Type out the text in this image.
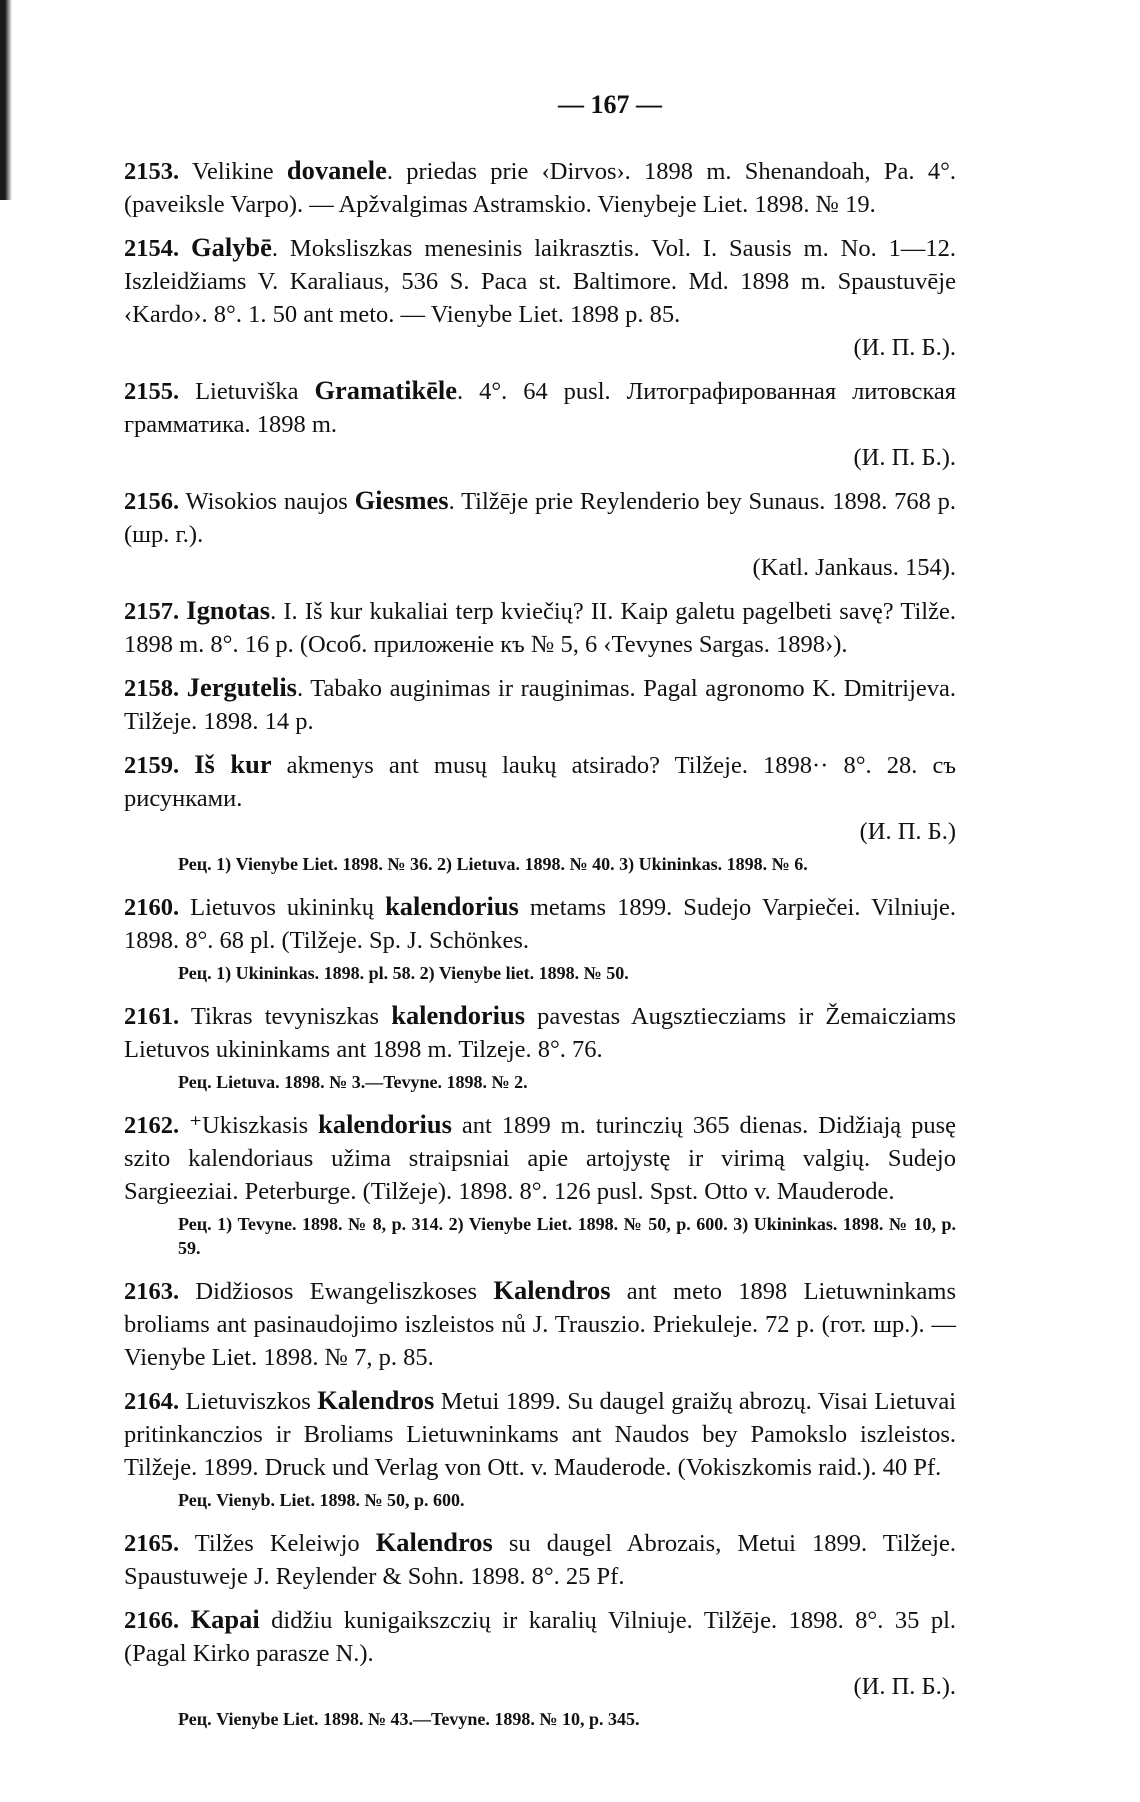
— 167 —

2153. Velikine dovanele. priedas prie ‹Dirvos›. 1898 m. Shenandoah, Pa. 4°. (paveiksle Varpo). — Apžvalgimas Astramskio. Vienybeje Liet. 1898. № 19.

2154. Galybē. Moksliszkas menesinis laikrasztis. Vol. I. Sausis m. No. 1—12. Iszleidžiams V. Karaliaus, 536 S. Paca st. Baltimore. Md. 1898 m. Spaustuvēje ‹Kardo›. 8°. 1. 50 ant meto. — Vienybe Liet. 1898 p. 85.
(И. П. Б.).

2155. Lietuviška Gramatikēle. 4°. 64 pusl. Литографированная литовская грамматика. 1898 m.
(И. П. Б.).

2156. Wisokios naujos Giesmes. Tilžēje prie Reylenderio bey Sunaus. 1898. 768 p. (шр. г.).
(Katl. Jankaus. 154).

2157. Ignotas. I. Iš kur kukaliai terp kviečių? II. Kaip galetu pagelbeti savę? Tilže. 1898 m. 8°. 16 p. (Особ. приложеніе къ № 5, 6 ‹Tevynes Sargas. 1898›).

2158. Jergutelis. Tabako auginimas ir rauginimas. Pagal agronomo K. Dmitrijeva. Tilžeje. 1898. 14 p.

2159. Iš kur akmenys ant musų laukų atsirado? Tilžeje. 1898·· 8°. 28. съ рисунками.
(И. П. Б.)

Рец. 1) Vienybe Liet. 1898. № 36. 2) Lietuva. 1898. № 40. 3) Ukininkas. 1898. № 6.

2160. Lietuvos ukininkų kalendorius metams 1899. Sudejo Varpiečei. Vilniuje. 1898. 8°. 68 pl. (Tilžeje. Sp. J. Schönkes.

Рец. 1) Ukininkas. 1898. pl. 58. 2) Vienybe liet. 1898. № 50.

2161. Tikras tevyniszkas kalendorius pavestas Augsztiecziams ir Žemaicziams Lietuvos ukininkams ant 1898 m. Tilzeje. 8°. 76.

Рец. Lietuva. 1898. № 3.—Tevyne. 1898. № 2.

2162. ⁺Ukiszkasis kalendorius ant 1899 m. turinczių 365 dienas. Didžiają pusę szito kalendoriaus užima straipsniai apie artojystę ir virimą valgių. Sudejo Sargieeziai. Peterburge. (Tilžeje). 1898. 8°. 126 pusl. Spst. Otto v. Mauderode.

Рец. 1) Tevyne. 1898. № 8, p. 314. 2) Vienybe Liet. 1898. № 50, p. 600. 3) Ukininkas. 1898. № 10, p. 59.

2163. Didžiosos Ewangeliszkoses Kalendros ant meto 1898 Lietuwninkams broliams ant pasinaudojimo iszleistos nů J. Trauszio. Priekuleje. 72 p. (гот. шр.). — Vienybe Liet. 1898. № 7, p. 85.

2164. Lietuviszkos Kalendros Metui 1899. Su daugel graižų abrozų. Visai Lietuvai pritinkanczios ir Broliams Lietuwninkams ant Naudos bey Pamokslo iszleistos. Tilžeje. 1899. Druck und Verlag von Ott. v. Mauderode. (Vokiszkomis raid.). 40 Pf.

Рец. Vienyb. Liet. 1898. № 50, p. 600.

2165. Tilžes Keleiwjo Kalendros su daugel Abrozais, Metui 1899. Tilžeje. Spaustuweje J. Reylender & Sohn. 1898. 8°. 25 Pf.

2166. Kapai didžiu kunigaikszczių ir karalių Vilniuje. Tilžēje. 1898. 8°. 35 pl. (Pagal Kirko parasze N.).
(И. П. Б.).

Рец. Vienybe Liet. 1898. № 43.—Tevyne. 1898. № 10, p. 345.
